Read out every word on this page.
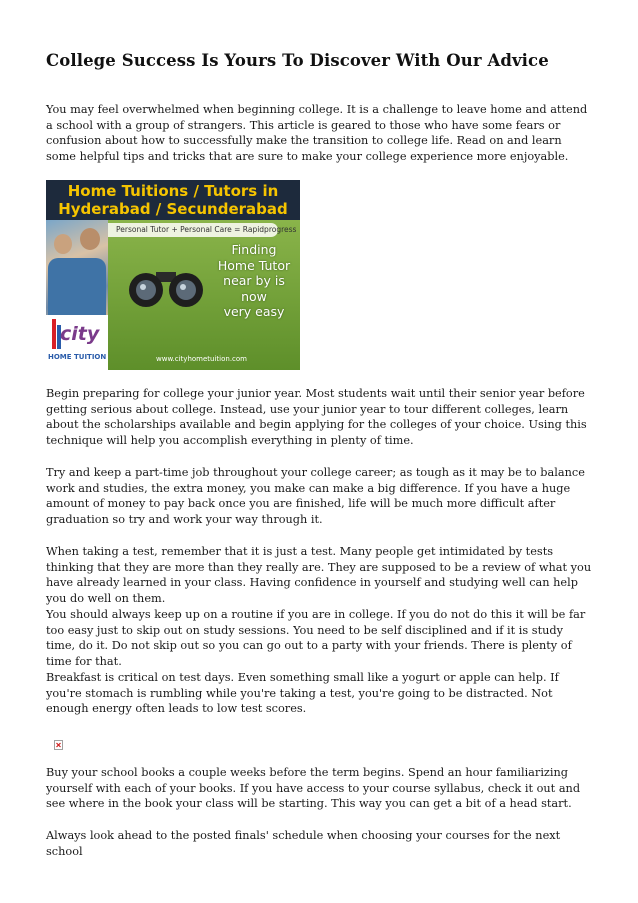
College Success Is Yours To Discover With Our Advice

You may feel overwhelmed when beginning college. It is a challenge to leave home and attend a school with a group of strangers. This article is geared to those who have some fears or confusion about how to successfully make the transition to college life. Read on and learn some helpful tips and tricks that are sure to make your college experience more enjoyable.

Home Tuitions / Tutors in
Hyderabad / Secunderabad
Personal Tutor + Personal Care = Rapidprogress
Finding
Home Tutor
near by is
now
very easy
city
HOME TUITION	www.cityhometuition.com

Begin preparing for college your junior year. Most students wait until their senior year before getting serious about college. Instead, use your junior year to tour different colleges, learn about the scholarships available and begin applying for the colleges of your choice. Using this technique will help you accomplish everything in plenty of time.

Try and keep a part-time job throughout your college career; as tough as it may be to balance work and studies, the extra money, you make can make a big difference. If you have a huge amount of money to pay back once you are finished, life will be much more difficult after graduation so try and work your way through it.

When taking a test, remember that it is just a test. Many people get intimidated by tests thinking that they are more than they really are. They are supposed to be a review of what you have already learned in your class. Having confidence in yourself and studying well can help you do well on them.

You should always keep up on a routine if you are in college. If you do not do this it will be far too easy just to skip out on study sessions. You need to be self disciplined and if it is study time, do it. Do not skip out so you can go out to a party with your friends. There is plenty of time for that.

Breakfast is critical on test days. Even something small like a yogurt or apple can help. If you're stomach is rumbling while you're taking a test, you're going to be distracted. Not enough energy often leads to low test scores.

Buy your school books a couple weeks before the term begins. Spend an hour familiarizing yourself with each of your books. If you have access to your course syllabus, check it out and see where in the book your class will be starting. This way you can get a bit of a head start.

Always look ahead to the posted finals' schedule when choosing your courses for the next school
